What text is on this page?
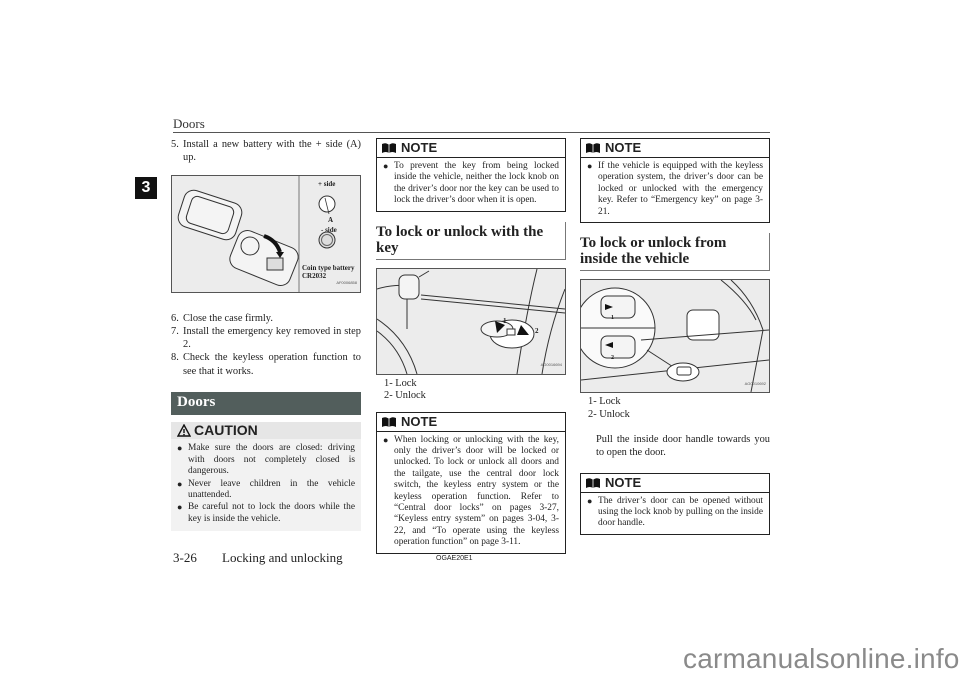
Doors
3
5. Install a new battery with the + side (A) up.
+ side
A
- side
Coin type battery
CR2032
AF0006858
6. Close the case firmly.
7. Install the emergency key removed in step 2.
8. Check the keyless operation function to see that it works.
Doors
CAUTION
● Make sure the doors are closed: driving with doors not completely closed is dangerous.
● Never leave children in the vehicle unattended.
● Be careful not to lock the doors while the key is inside the vehicle.
NOTE
● To prevent the key from being locked inside the vehicle, neither the lock knob on the driver’s door nor the key can be used to lock the driver’s door when it is open.
To lock or unlock with the key
1
2
AG0016694
1- Lock
2- Unlock
NOTE
● When locking or unlocking with the key, only the driver’s door will be locked or unlocked. To lock or unlock all doors and the tailgate, use the central door lock switch, the keyless entry system or the keyless operation function. Refer to “Central door locks” on pages 3-27, “Keyless entry system” on pages 3-04, 3-22, and “To operate using the keyless operation function” on page 3-11.
NOTE
● If the vehicle is equipped with the keyless operation system, the driver’s door can be locked or unlocked with the emergency key. Refer to “Emergency key” on page 3-21.
To lock or unlock from inside the vehicle
1
2
AG0010692
1- Lock
2- Unlock
Pull the inside door handle towards you to open the door.
NOTE
● The driver’s door can be opened without using the lock knob by pulling on the inside door handle.
3-26 Locking and unlocking	OGAE20E1
carmanualsonline.info
